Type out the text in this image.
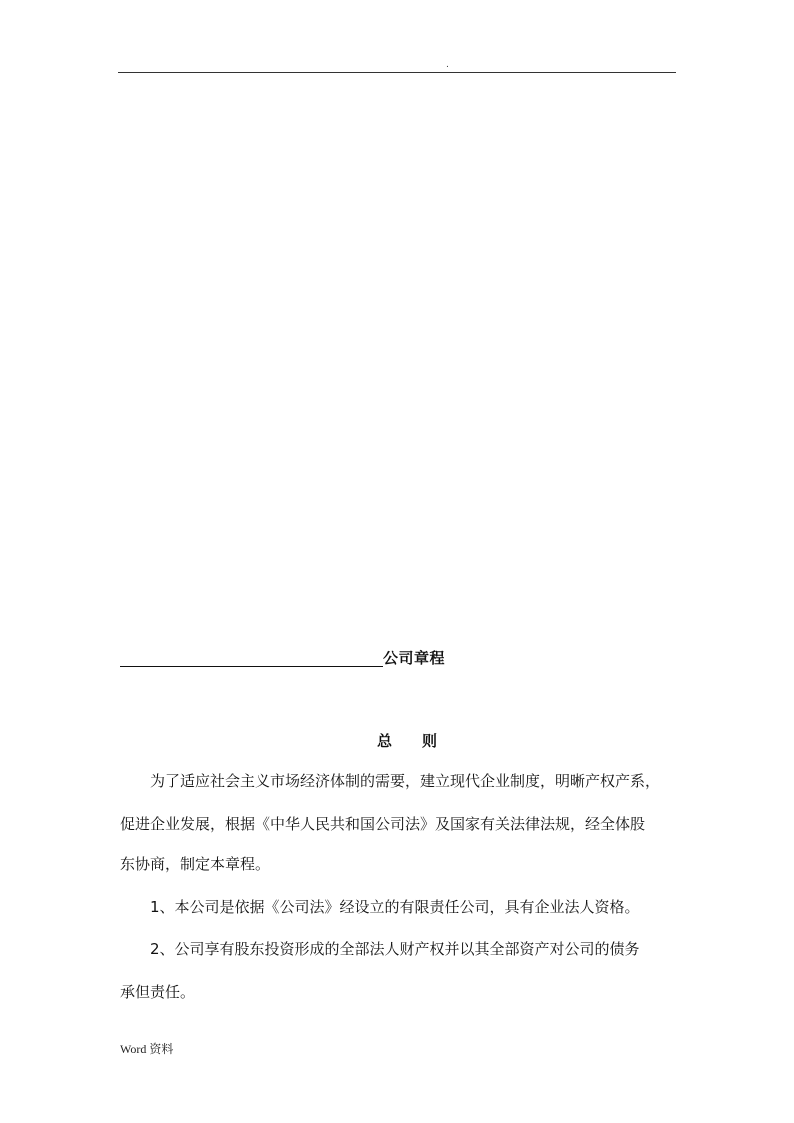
.
公司章程
总　　则
为了适应社会主义市场经济体制的需要，建立现代企业制度，明晰产权产系，
促进企业发展，根据《中华人民共和国公司法》及国家有关法律法规，经全体股
东协商，制定本章程。
1、本公司是依据《公司法》经设立的有限责任公司，具有企业法人资格。
2、公司享有股东投资形成的全部法人财产权并以其全部资产对公司的债务
承但责任。
Word 资料
